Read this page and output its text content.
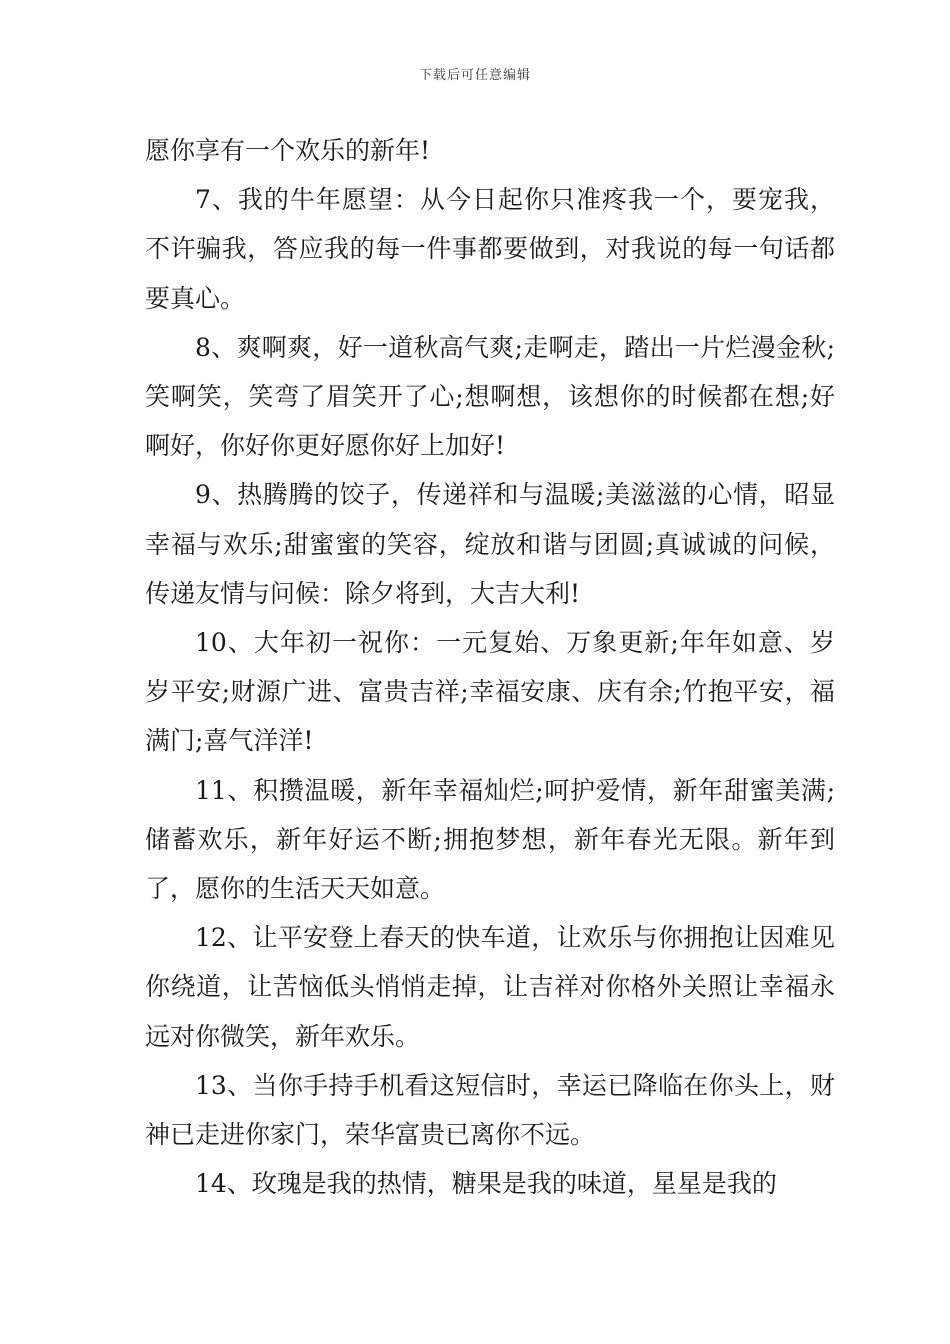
下载后可任意编辑

愿你享有一个欢乐的新年!

7、我的牛年愿望：从今日起你只准疼我一个，要宠我，不许骗我，答应我的每一件事都要做到，对我说的每一句话都要真心。

8、爽啊爽，好一道秋高气爽;走啊走，踏出一片烂漫金秋;笑啊笑，笑弯了眉笑开了心;想啊想，该想你的时候都在想;好啊好，你好你更好愿你好上加好!

9、热腾腾的饺子，传递祥和与温暖;美滋滋的心情，昭显幸福与欢乐;甜蜜蜜的笑容，绽放和谐与团圆;真诚诚的问候，传递友情与问候：除夕将到，大吉大利!

10、大年初一祝你：一元复始、万象更新;年年如意、岁岁平安;财源广进、富贵吉祥;幸福安康、庆有余;竹抱平安，福满门;喜气洋洋!

11、积攒温暖，新年幸福灿烂;呵护爱情，新年甜蜜美满;储蓄欢乐，新年好运不断;拥抱梦想，新年春光无限。新年到了，愿你的生活天天如意。

12、让平安登上春天的快车道，让欢乐与你拥抱让因难见你绕道，让苦恼低头悄悄走掉，让吉祥对你格外关照让幸福永远对你微笑，新年欢乐。

13、当你手持手机看这短信时，幸运已降临在你头上，财神已走进你家门，荣华富贵已离你不远。

14、玫瑰是我的热情，糖果是我的味道，星星是我的
